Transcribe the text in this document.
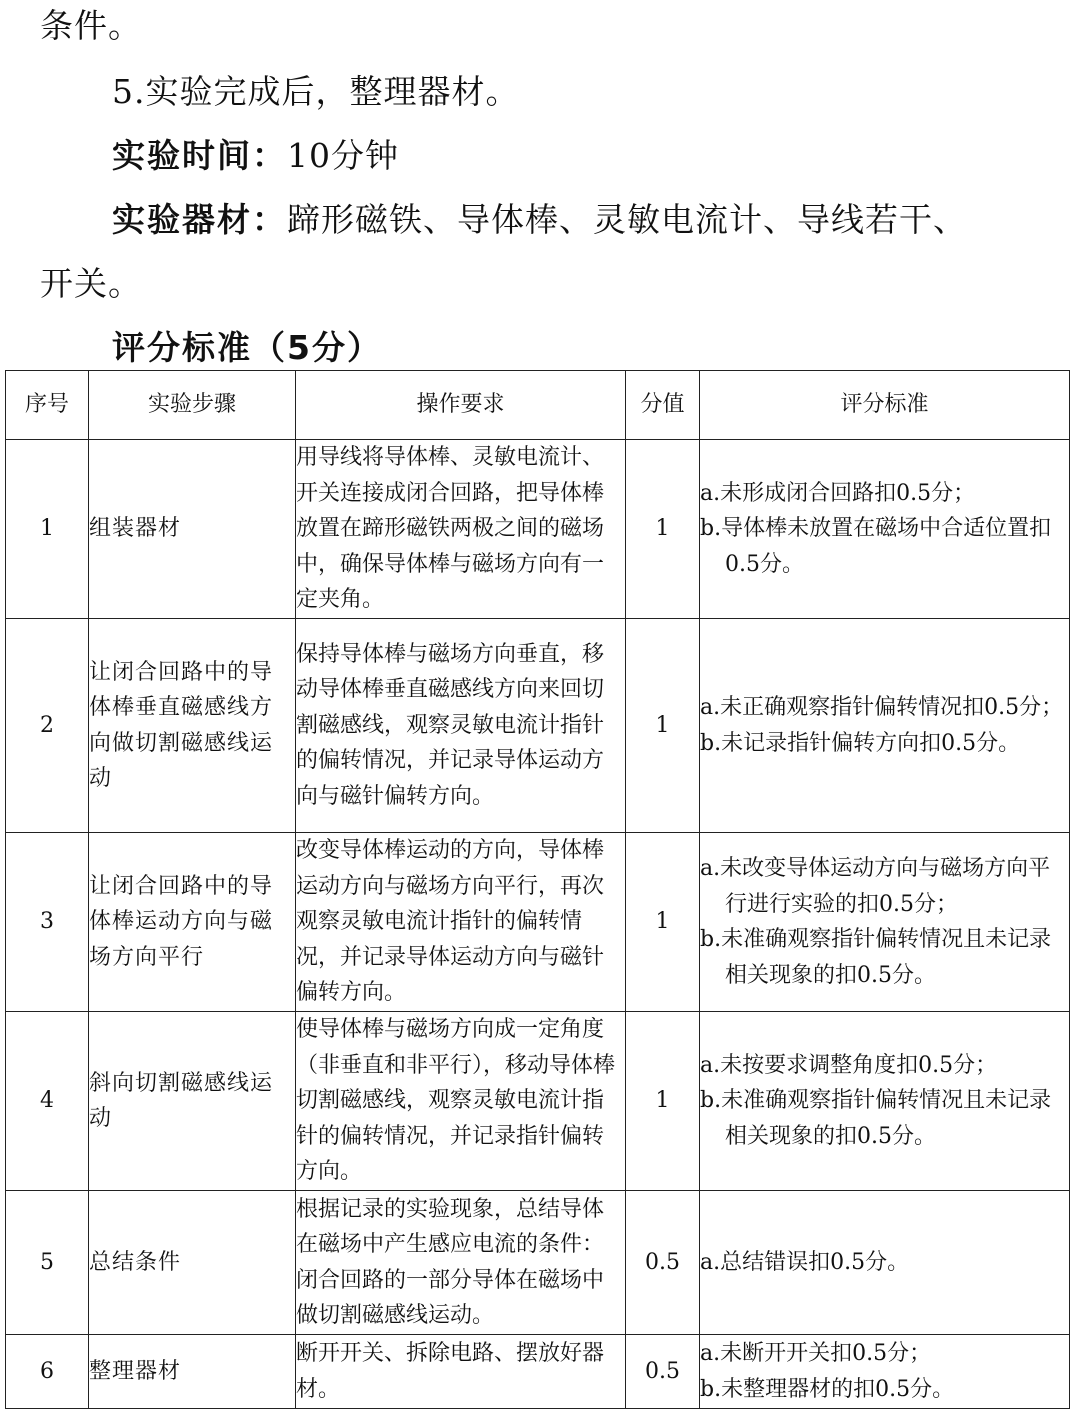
条件。
5.实验完成后，整理器材。
实验时间：10分钟
实验器材：蹄形磁铁、导体棒、灵敏电流计、导线若干、
开关。
评分标准（5分）
序号	实验步骤	操作要求	分值	评分标准
1	组装器材	用导线将导体棒、灵敏电流计、开关连接成闭合回路，把导体棒放置在蹄形磁铁两极之间的磁场中，确保导体棒与磁场方向有一定夹角。	1	a.未形成闭合回路扣0.5分；
b.导体棒未放置在磁场中合适位置扣0.5分。

2	让闭合回路中的导体棒垂直磁感线方向做切割磁感线运动	保持导体棒与磁场方向垂直，移动导体棒垂直磁感线方向来回切割磁感线，观察灵敏电流计指针的偏转情况，并记录导体运动方向与磁针偏转方向。	1	a.未正确观察指针偏转情况扣0.5分；
b.未记录指针偏转方向扣0.5分。

3	让闭合回路中的导体棒运动方向与磁场方向平行	改变导体棒运动的方向，导体棒运动方向与磁场方向平行，再次观察灵敏电流计指针的偏转情况，并记录导体运动方向与磁针偏转方向。	1	a.未改变导体运动方向与磁场方向平行进行实验的扣0.5分；
b.未准确观察指针偏转情况且未记录相关现象的扣0.5分。

4	斜向切割磁感线运动	使导体棒与磁场方向成一定角度（非垂直和非平行），移动导体棒切割磁感线，观察灵敏电流计指针的偏转情况，并记录指针偏转方向。	1	a.未按要求调整角度扣0.5分；
b.未准确观察指针偏转情况且未记录相关现象的扣0.5分。

5	总结条件	根据记录的实验现象，总结导体在磁场中产生感应电流的条件：闭合回路的一部分导体在磁场中做切割磁感线运动。	0.5	a.总结错误扣0.5分。

6	整理器材	断开开关、拆除电路、摆放好器材。	0.5	a.未断开开关扣0.5分；
b.未整理器材的扣0.5分。
